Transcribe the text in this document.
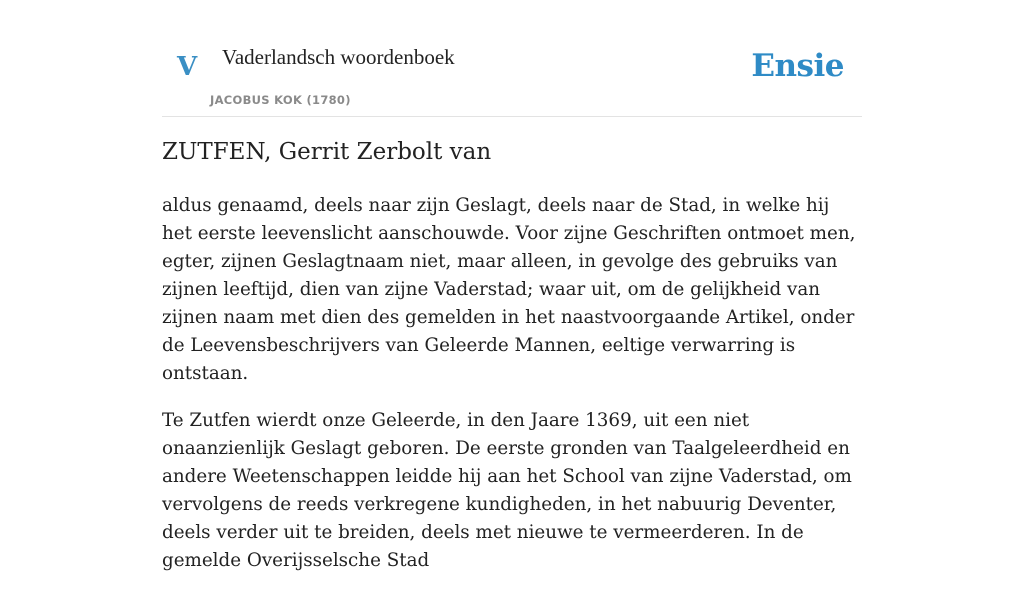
V Vaderlandsch woordenboek
JACOBUS KOK (1780)
Ensie
ZUTFEN, Gerrit Zerbolt van

aldus genaamd, deels naar zijn Geslagt, deels naar de Stad, in welke hij het eerste leevenslicht aanschouwde. Voor zijne Geschriften ontmoet men, egter, zijnen Geslagtnaam niet, maar alleen, in gevolge des gebruiks van zijnen leeftijd, dien van zijne Vaderstad; waar uit, om de gelijkheid van zijnen naam met dien des gemelden in het naastvoorgaande Artikel, onder de Leevensbeschrijvers van Geleerde Mannen, eeltige verwarring is ontstaan.

Te Zutfen wierdt onze Geleerde, in den Jaare 1369, uit een niet onaanzienlijk Geslagt geboren. De eerste gronden van Taalgeleerdheid en andere Weetenschappen leidde hij aan het School van zijne Vaderstad, om vervolgens de reeds verkregene kundigheden, in het nabuurig Deventer, deels verder uit te breiden, deels met nieuwe te vermeerderen. In de gemelde Overijsselsche Stad
